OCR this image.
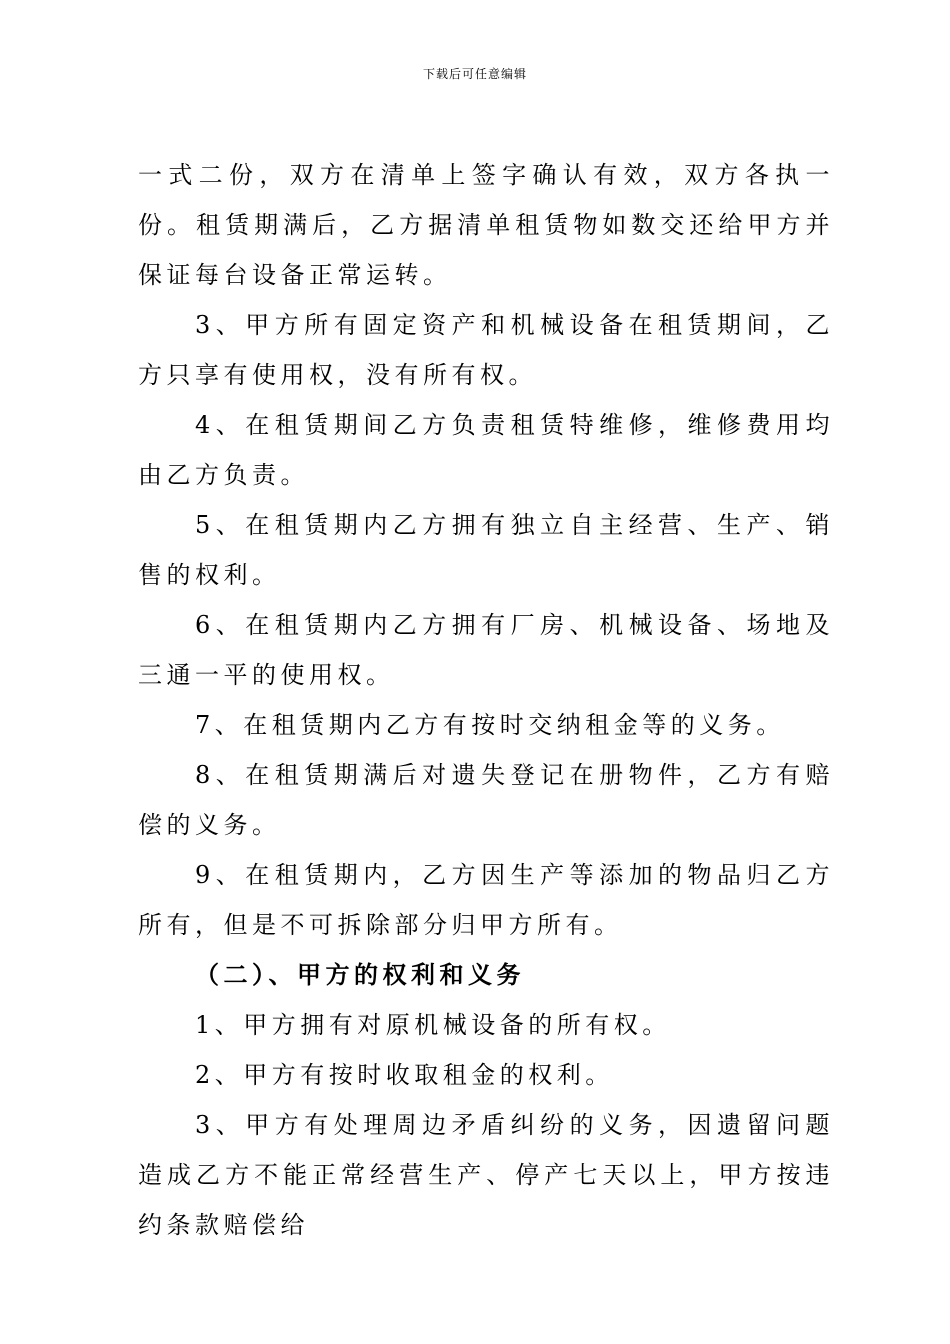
下载后可任意编辑

一式二份，双方在清单上签字确认有效，双方各执一份。租赁期满后，乙方据清单租赁物如数交还给甲方并保证每台设备正常运转。

3、甲方所有固定资产和机械设备在租赁期间，乙方只享有使用权，没有所有权。

4、在租赁期间乙方负责租赁特维修，维修费用均由乙方负责。

5、在租赁期内乙方拥有独立自主经营、生产、销售的权利。

6、在租赁期内乙方拥有厂房、机械设备、场地及三通一平的使用权。

7、在租赁期内乙方有按时交纳租金等的义务。

8、在租赁期满后对遗失登记在册物件，乙方有赔偿的义务。

9、在租赁期内，乙方因生产等添加的物品归乙方所有，但是不可拆除部分归甲方所有。

（二）、甲方的权利和义务

1、甲方拥有对原机械设备的所有权。

2、甲方有按时收取租金的权利。

3、甲方有处理周边矛盾纠纷的义务，因遗留问题造成乙方不能正常经营生产、停产七天以上，甲方按违约条款赔偿给
